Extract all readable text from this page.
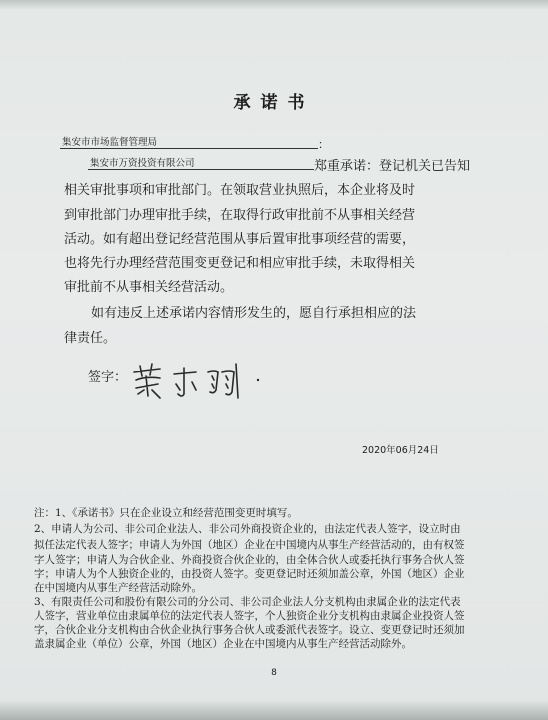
承诺书
集安市市场监督管理局	：
集安市万资投资有限公司	郑重承诺：登记机关已告知
相关审批事项和审批部门。在领取营业执照后，本企业将及时
到审批部门办理审批手续，在取得行政审批前不从事相关经营
活动。如有超出登记经营范围从事后置审批事项经营的需要，
也将先行办理经营范围变更登记和相应审批手续，未取得相关
审批前不从事相关经营活动。
如有违反上述承诺内容情形发生的，愿自行承担相应的法
律责任。
签字：
2020年06月24日
注：1、《承诺书》只在企业设立和经营范围变更时填写。
2、申请人为公司、非公司企业法人、非公司外商投资企业的，由法定代表人签字，设立时由
拟任法定代表人签字；申请人为外国（地区）企业在中国境内从事生产经营活动的，由有权签
字人签字；申请人为合伙企业、外商投资合伙企业的，由全体合伙人或委托执行事务合伙人签
字；申请人为个人独资企业的，由投资人签字。变更登记时还须加盖公章，外国（地区）企业
在中国境内从事生产经营活动除外。
3、有限责任公司和股份有限公司的分公司、非公司企业法人分支机构由隶属企业的法定代表
人签字，营业单位由隶属单位的法定代表人签字，个人独资企业分支机构由隶属企业投资人签
字，合伙企业分支机构由合伙企业执行事务合伙人或委派代表签字。设立、变更登记时还须加
盖隶属企业（单位）公章，外国（地区）企业在中国境内从事生产经营活动除外。
8
